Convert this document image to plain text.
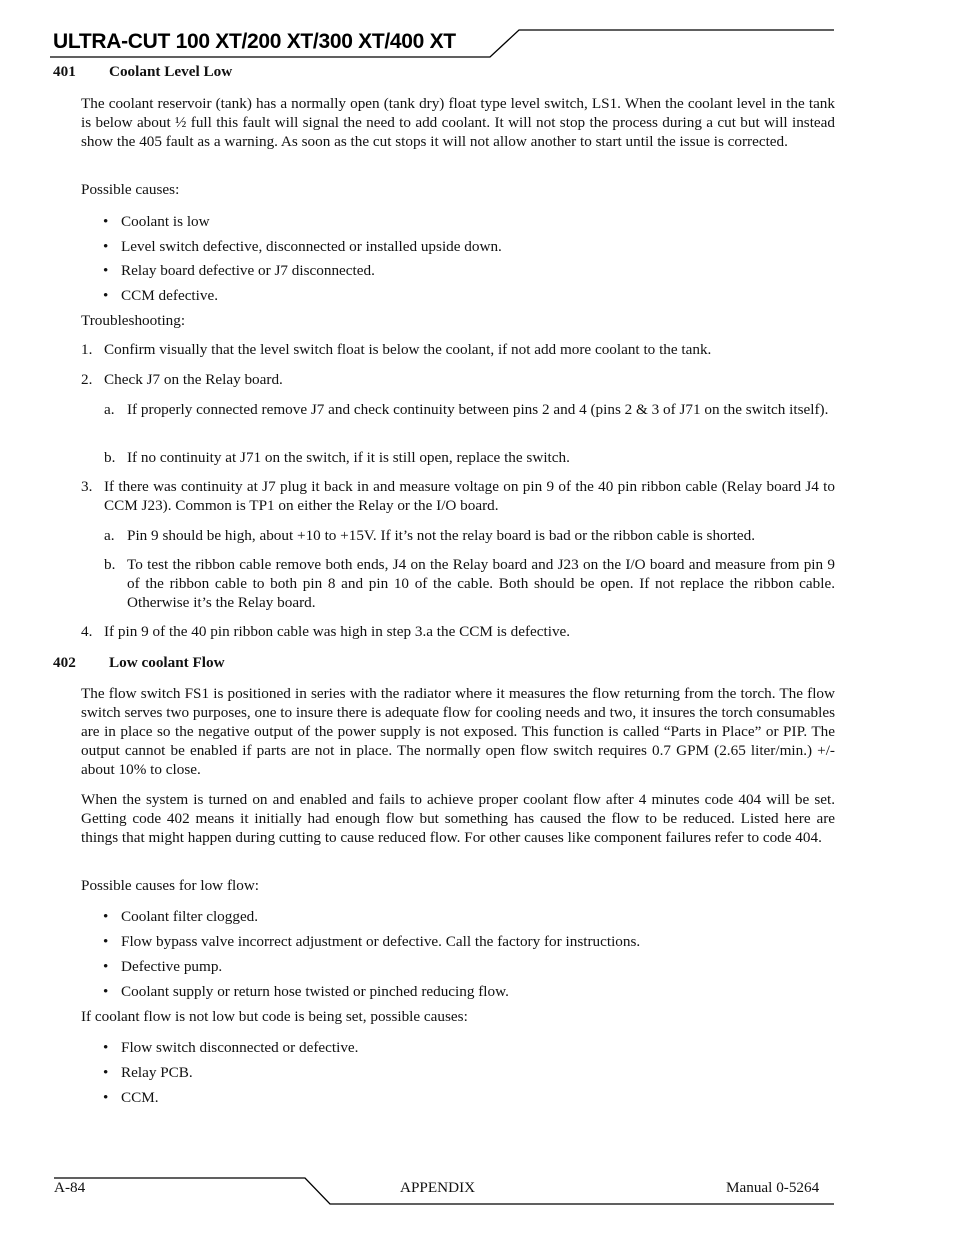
ULTRA-CUT 100 XT/200 XT/300 XT/400 XT
401 Coolant Level Low

The coolant reservoir (tank) has a normally open (tank dry) float type level switch, LS1. When the coolant level in the tank is below about ½ full this fault will signal the need to add coolant. It will not stop the process during a cut but will instead show the 405 fault as a warning. As soon as the cut stops it will not allow another to start until the issue is corrected.

Possible causes:
• Coolant is low
• Level switch defective, disconnected or installed upside down.
• Relay board defective or J7 disconnected.
• CCM defective.
Troubleshooting:
1. Confirm visually that the level switch float is below the coolant, if not add more coolant to the tank.

2. Check J7 on the Relay board.

a. If properly connected remove J7 and check continuity between pins 2 and 4 (pins 2 & 3 of J71 on the switch itself).

b. If no continuity at J71 on the switch, if it is still open, replace the switch.

3. If there was continuity at J7 plug it back in and measure voltage on pin 9 of the 40 pin ribbon cable (Relay board J4 to CCM J23). Common is TP1 on either the Relay or the I/O board.

a. Pin 9 should be high, about +10 to +15V. If it’s not the relay board is bad or the ribbon cable is shorted.

b. To test the ribbon cable remove both ends, J4 on the Relay board and J23 on the I/O board and measure from pin 9 of the ribbon cable to both pin 8 and pin 10 of the cable. Both should be open. If not replace the ribbon cable. Otherwise it’s the Relay board.

4. If pin 9 of the 40 pin ribbon cable was high in step 3.a the CCM is defective.

402 Low coolant Flow

The flow switch FS1 is positioned in series with the radiator where it measures the flow returning from the torch. The flow switch serves two purposes, one to insure there is adequate flow for cooling needs and two, it insures the torch consumables are in place so the negative output of the power supply is not exposed. This function is called “Parts in Place” or PIP. The output cannot be enabled if parts are not in place. The normally open flow switch requires 0.7 GPM (2.65 liter/min.) +/- about 10% to close.

When the system is turned on and enabled and fails to achieve proper coolant flow after 4 minutes code 404 will be set. Getting code 402 means it initially had enough flow but something has caused the flow to be reduced. Listed here are things that might happen during cutting to cause reduced flow. For other causes like component failures refer to code 404.

Possible causes for low flow:
• Coolant filter clogged.
• Flow bypass valve incorrect adjustment or defective. Call the factory for instructions.
• Defective pump.
• Coolant supply or return hose twisted or pinched reducing flow.
If coolant flow is not low but code is being set, possible causes:
• Flow switch disconnected or defective.
• Relay PCB.
• CCM.
A-84	APPENDIX	Manual 0-5264
